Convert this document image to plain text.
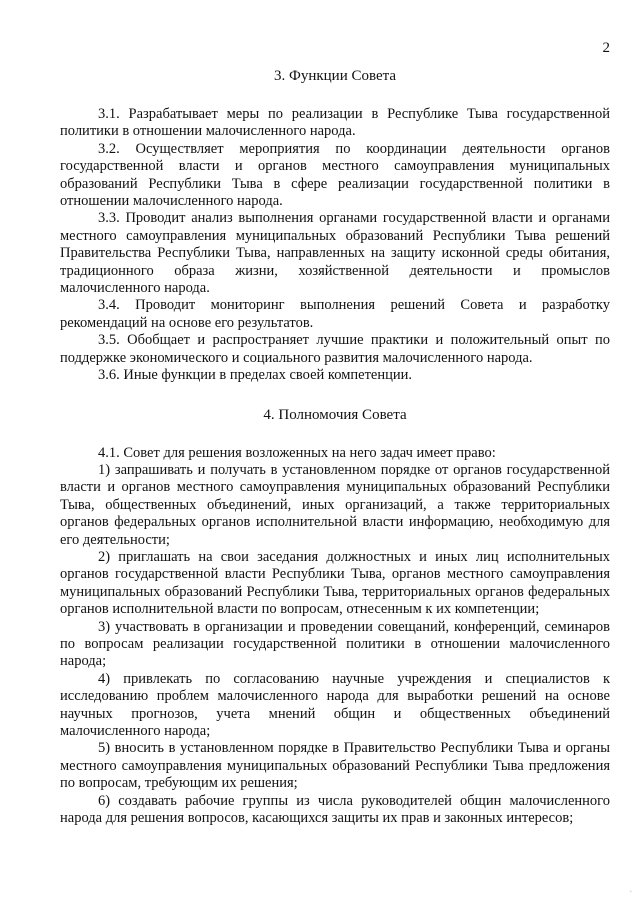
2
3. Функции Совета

3.1. Разрабатывает меры по реализации в Республике Тыва государственной политики в отношении малочисленного народа.

3.2. Осуществляет мероприятия по координации деятельности органов государственной власти и органов местного самоуправления муниципальных образований Республики Тыва в сфере реализации государственной политики в отношении малочисленного народа.

3.3. Проводит анализ выполнения органами государственной власти и органами местного самоуправления муниципальных образований Республики Тыва решений Правительства Республики Тыва, направленных на защиту исконной среды обитания, традиционного образа жизни, хозяйственной деятельности и промыслов малочисленного народа.

3.4. Проводит мониторинг выполнения решений Совета и разработку рекомендаций на основе его результатов.

3.5. Обобщает и распространяет лучшие практики и положительный опыт по поддержке экономического и социального развития малочисленного народа.

3.6. Иные функции в пределах своей компетенции.

4. Полномочия Совета

4.1. Совет для решения возложенных на него задач имеет право:

1) запрашивать и получать в установленном порядке от органов государственной власти и органов местного самоуправления муниципальных образований Республики Тыва, общественных объединений, иных организаций, а также территориальных органов федеральных органов исполнительной власти информацию, необходимую для его деятельности;

2) приглашать на свои заседания должностных и иных лиц исполнительных органов государственной власти Республики Тыва, органов местного самоуправления муниципальных образований Республики Тыва, территориальных органов федеральных органов исполнительной власти по вопросам, отнесенным к их компетенции;

3) участвовать в организации и проведении совещаний, конференций, семинаров по вопросам реализации государственной политики в отношении малочисленного народа;

4) привлекать по согласованию научные учреждения и специалистов к исследованию проблем малочисленного народа для выработки решений на основе научных прогнозов, учета мнений общин и общественных объединений малочисленного народа;

5) вносить в установленном порядке в Правительство Республики Тыва и органы местного самоуправления муниципальных образований Республики Тыва предложения по вопросам, требующим их решения;

6) создавать рабочие группы из числа руководителей общин малочисленного народа для решения вопросов, касающихся защиты их прав и законных интересов;

˚
